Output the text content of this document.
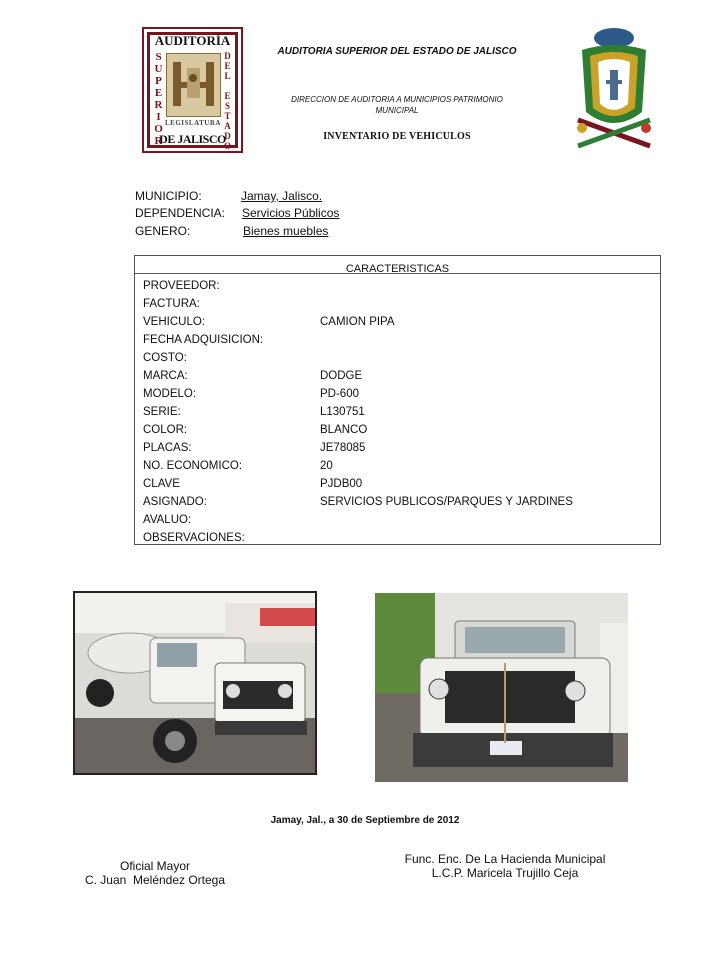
AUDITORÍA
SUPERIOR	DEL ESTADO
LEGISLATURA
DE JALISCO
AUDITORIA SUPERIOR DEL ESTADO DE JALISCO
DIRECCION DE AUDITORIA A MUNICIPIOS PATRIMONIO MUNICIPAL
INVENTARIO DE VEHICULOS
MUNICIPIO:	Jamay, Jalisco.
DEPENDENCIA: Servicios Públicos
GENERO:	Bienes muebles
CARACTERISTICAS
PROVEEDOR:
FACTURA:
VEHICULO:	CAMION PIPA
FECHA ADQUISICION:
COSTO:
MARCA:	DODGE
MODELO:	PD-600
SERIE:	L130751
COLOR:	BLANCO
PLACAS:	JE78085
NO. ECONOMICO:	20
CLAVE	PJDB00
ASIGNADO:	SERVICIOS PUBLICOS/PARQUES Y JARDINES
AVALUO:
OBSERVACIONES:
Jamay, Jal., a 30 de Septiembre de 2012
Oficial Mayor
C. Juan  Meléndez Ortega
Func. Enc. De La Hacienda Municipal
L.C.P. Maricela Trujillo Ceja
